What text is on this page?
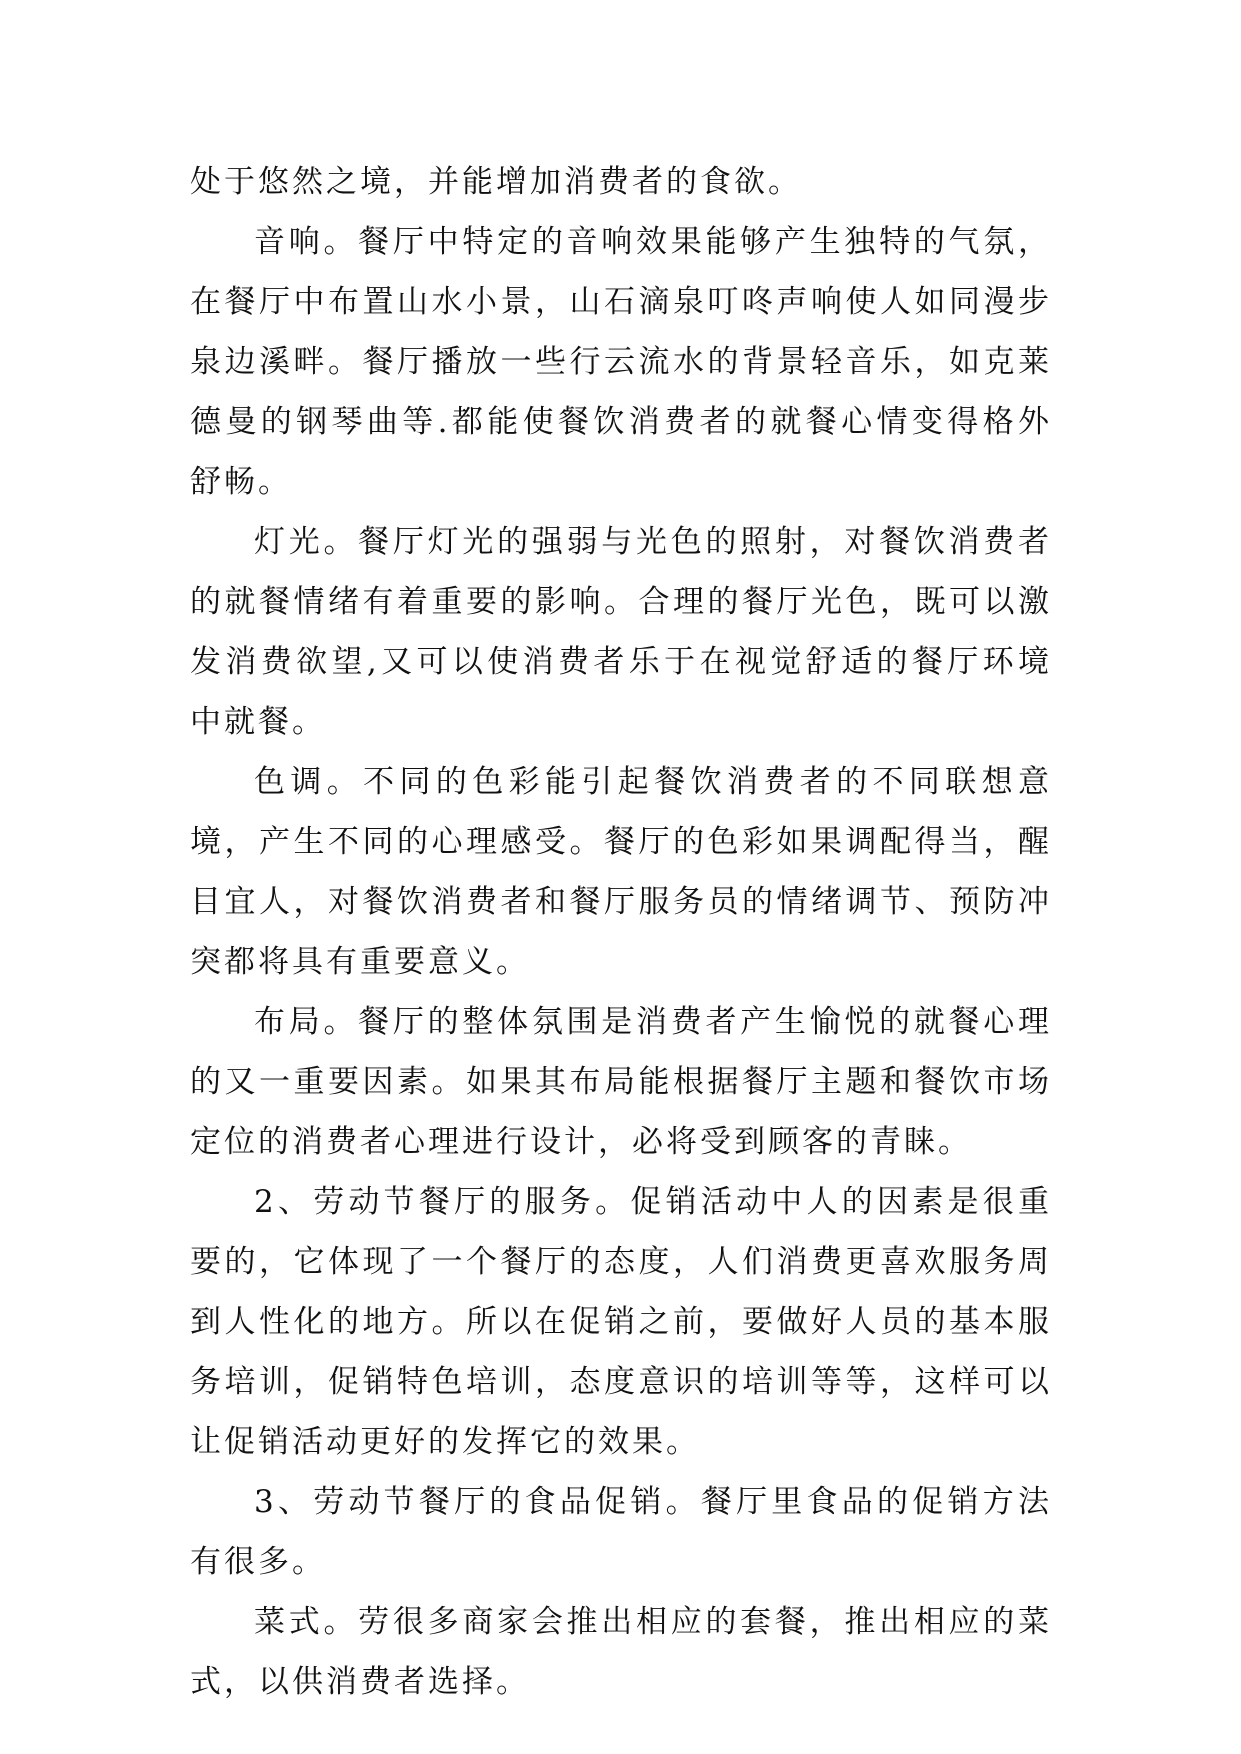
处于悠然之境，并能增加消费者的食欲。

音响。餐厅中特定的音响效果能够产生独特的气氛，在餐厅中布置山水小景，山石滴泉叮咚声响使人如同漫步泉边溪畔。餐厅播放一些行云流水的背景轻音乐，如克莱德曼的钢琴曲等.都能使餐饮消费者的就餐心情变得格外舒畅。

灯光。餐厅灯光的强弱与光色的照射，对餐饮消费者的就餐情绪有着重要的影响。合理的餐厅光色，既可以激发消费欲望,又可以使消费者乐于在视觉舒适的餐厅环境中就餐。

色调。不同的色彩能引起餐饮消费者的不同联想意境，产生不同的心理感受。餐厅的色彩如果调配得当，醒目宜人，对餐饮消费者和餐厅服务员的情绪调节、预防冲突都将具有重要意义。

布局。餐厅的整体氛围是消费者产生愉悦的就餐心理的又一重要因素。如果其布局能根据餐厅主题和餐饮市场定位的消费者心理进行设计，必将受到顾客的青睐。

2、劳动节餐厅的服务。促销活动中人的因素是很重要的，它体现了一个餐厅的态度，人们消费更喜欢服务周到人性化的地方。所以在促销之前，要做好人员的基本服务培训，促销特色培训，态度意识的培训等等，这样可以让促销活动更好的发挥它的效果。

3、劳动节餐厅的食品促销。餐厅里食品的促销方法有很多。

菜式。劳很多商家会推出相应的套餐，推出相应的菜式，以供消费者选择。
